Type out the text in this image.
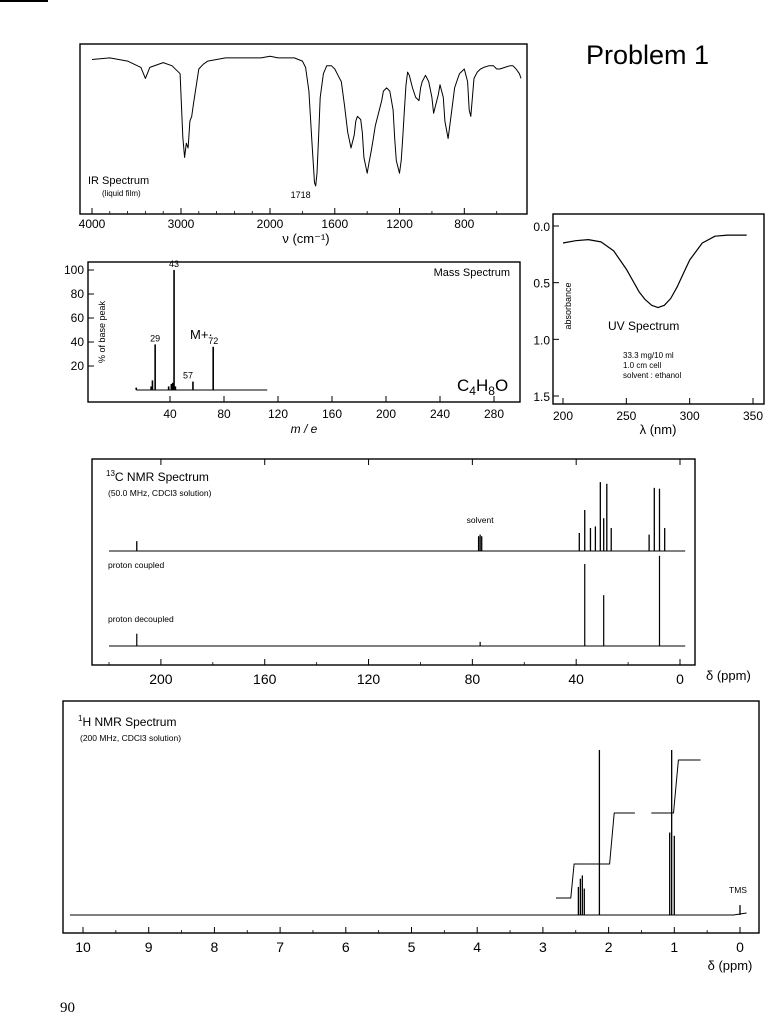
Problem 1
90
4000	3000	2000	1600	1200	800
IR Spectrum
(liquid film)	1718
ν (cm⁻¹)
29
43
57
72
20
40
60
80
100
40	80	120	160	200	240	280
Mass Spectrum
% of base peak
m / e
M+·
$C_4H_8O$
0.0
0.5
1.0
1.5
200	250	300	350
absorbance	UV Spectrum
33.3 mg/10 ml
1.0 cm cell
solvent : ethanol
λ (nm)
200	160	120	80	40	0
$^{13}$C NMR Spectrum
(50.0 MHz, CDCl3 solution)
proton coupled
proton decoupled
solvent
δ (ppm)
10	9	8	7	6	5	4	3	2	1	0
$^1$H NMR Spectrum
(200 MHz, CDCl3 solution)
TMS
δ (ppm)
